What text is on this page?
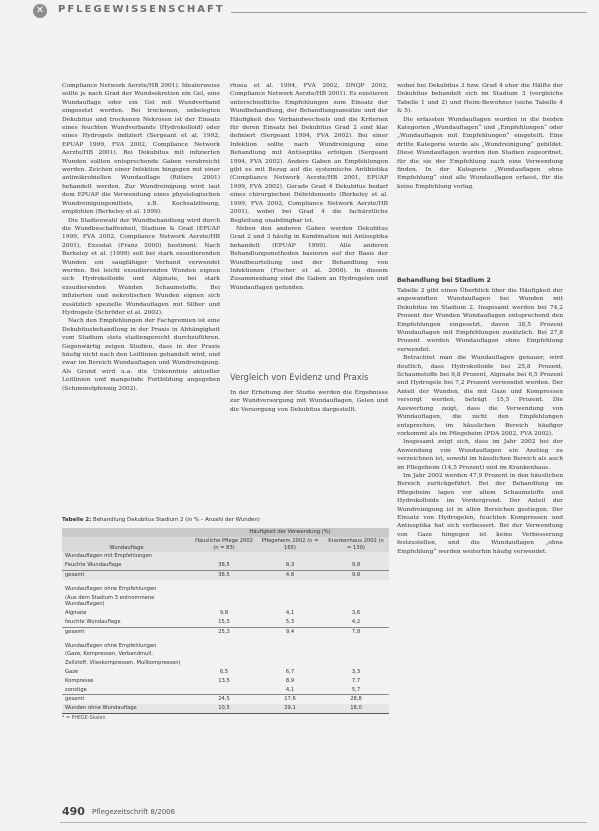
✕	PFLEGEWISSENSCHAFT

Compliance Network Aerzte/HB 2001). Idealerweise sollte je nach Grad der Wundsekretion ein Gel, eine Wundauflage oder ein Gel mit Wundverband eingesetzt werden. Bei trockenen, unbelegten Dekubitus und trockenen Nekrosen ist der Einsatz eines feuchten Wundverbands (Hydrokolloid) oder eines Hydrogels indiziert (Sergeant et al. 1992, EPUAP 1999, FVA 2002, Compliance Network Aerzte/HB 2001). Bei Dekubitus mit infizierten Wunden sollten entsprechende Gaben verabreicht werden. Zeichen einer Infektion hingegen mit einer antimikrobiellen Wundauflage (Ritters 2001) behandelt werden. Zur Wundreinigung wird laut dem EPUAP die Verwendung eines physiologischen Wundreinigungsmittels, z.B. Kochsalzlösung, empfohlen (Berkeley et al. 1999).

Die Stadienwahl der Wundbehandlung wird durch die Wundbeschaffenheit, Stadium & Grad (EPUAP 1999, FVA 2002, Compliance Network Aerzte/HB 2001), Exsudat (Franz 2000) bestimmt. Nach Berkeley et al. (1999) soll bei stark exsudierenden Wunden ein saugfähiger Verband verwendet werden. Bei leicht exsudierenden Wunden eignen sich Hydrokolloide und Alginate, bei stark exsudierenden Wunden Schaumstoffe. Bei infizierten und nekrotischen Wunden eignen sich zusätzlich spezielle Wundauflagen mit Silber und Hydrogele (Schröder et al. 2002).

Nach den Empfehlungen der Fachgremien ist eine Dekubitusbehandlung in der Praxis in Abhängigkeit vom Stadium stets stadiengerecht durchzuführen. Gegenwärtig zeigen Studien, dass in der Praxis häufig nicht nach den Leitlinien gehandelt wird, und zwar im Bereich Wundauflagen und Wundreinigung. Als Grund wird u.a. die Unkenntnis aktueller Leitlinien und mangelnde Fortbildung angegeben (Schimmelpfennig 2002).

rhoea et al. 1994, FVA 2002, DNQP 2002, Compliance Network Aerzte/HB 2001). Es existieren unterschiedliche Empfehlungen zum Einsatz der Wundbehandlung, der Behandlungsansätze und der Häufigkeit des Verbandwechsels und die Kriterien für deren Einsatz bei Dekubitus Grad 2 sind klar definiert (Sergeant 1994, FVA 2002). Bei einer Infektion sollte nach Wundreinigung eine Behandlung mit Antiseptika erfolgen (Sergeant 1994, FVA 2002). Andere Gaben an Empfehlungen gibt es mit Bezug auf die systemische Antibiotika (Compliance Network Aerzte/HB 2001, EPUAP 1999, FVA 2002). Gerade Grad 4 Dekubitus bedarf eines chirurgischen Débridements (Berkeley et al. 1999, FVA 2002, Compliance Network Aerzte/HB 2001), wobei bei Grad 4 die fachärztliche Begleitung unabdingbar ist.

Neben den anderen Gaben werden Dekubitus Grad 2 und 3 häufig in Kombination mit Antiseptika behandelt (EPUAP 1999). Alle anderen Behandlungsmethoden basieren auf der Basis der Wundbeurteilung und der Behandlung von Infektionen (Fischer et al. 2000). In diesem Zusammenhang sind die Gaben an Hydrogelen und Wundauflagen gefunden.

Vergleich von Evidenz und Praxis

In der Erhebung der Studie werden die Ergebnisse zur Wundversorgung mit Wundauflagen, Gelen und die Versorgung von Dekubitus dargestellt.

wobei bei Dekubitus 3 bzw. Grad 4 eher die Hälfte der Dekubitus behandelt sich im Stadium 3 (vergleiche Tabelle 1 und 2) und Heim-Bewohner (siehe Tabelle 4 & 5).

Die erfassten Wundauflagen wurden in die beiden Kategorien „Wundauflagen“ und „Empfehlungen“ oder „Wundauflagen mit Empfehlungen“ eingeteilt. Eine dritte Kategorie wurde als „Wundreinigung“ gebildet. Diese Wundauflagen wurden den Stadien zugeordnet, für die sie der Empfehlung nach eine Verwendung finden. In der Kategorie „Wundauflagen ohne Empfehlung“ sind alle Wundauflagen erfasst, für die keine Empfehlung vorlag.

Behandlung bei Stadium 2

Tabelle 2 gibt einen Überblick über die Häufigkeit der angewandten Wundauflagen bei Wunden mit Dekubitus im Stadium 2. Insgesamt werden bei 74,2 Prozent der Wunden Wundauflagen entsprechend den Empfehlungen eingesetzt, davon 38,5 Prozent Wundauflagen mit Empfehlungen zusätzlich. Bei 27,8 Prozent werden Wundauflagen ohne Empfehlung verwendet.

Betrachtet man die Wundauflagen genauer, wird deutlich, dass Hydrokolloide bei 25,8 Prozent, Schaumstoffe bei 9,8 Prozent, Alginate bei 6,5 Prozent und Hydrogele bei 7,2 Prozent verwendet werden. Der Anteil der Wunden, die mit Gaze und Kompressen versorgt werden, beträgt 15,5 Prozent. Die Auswertung zeigt, dass die Verwendung von Wundauflagen, die nicht den Empfehlungen entsprechen, im häuslichen Bereich häufiger vorkommt als im Pflegeheim (PDA 2002, FVA 2002).

Insgesamt zeigt sich, dass im Jahr 2002 bei der Anwendung von Wundauflagen ein Anstieg zu verzeichnen ist, sowohl im häuslichen Bereich als auch im Pflegeheim (14,5 Prozent) und im Krankenhaus.

Im Jahr 2002 werden 47,9 Prozent in den häuslichen Bereich zurückgeführt. Bei der Behandlung im Pflegeheim lagen vor allem Schaumstoffe und Hydrokolloide im Vordergrund. Der Anteil der Wundreinigung ist in allen Bereichen gestiegen. Der Einsatz von Hydrogelen, feuchten Kompressen und Antiseptika hat sich verbessert. Bei der Verwendung von Gaze hingegen ist keine Verbesserung festzustellen, und die Wundauflagen „ohne Empfehlung“ werden weiterhin häufig verwendet.

Tabelle 2: Behandlung Dekubitus Stadium 2 (in % – Anzahl der Wunden)
	Häufigkeit der Verwendung (%)		
Wundauflage	Häusliche Pflege 2002 (n = 83)	Pflegeheim 2002 (n = 165)	Krankenhaus 2002 (n = 130)
Wundauflagen mit Empfehlungen			
Feuchte Wundauflage	38,5	8,3	9,8
gesamt	38,5	4,8	9,8
Wundauflagen ohne Empfehlungen			
(Aus dem Stadium 3 entnommene Wundauflagen)			
Alginate	9,8	4,1	3,6
feuchte Wundauflage	15,5	5,3	4,2
gesamt	25,3	9,4	7,8
Wundauflagen ohne Empfehlungen			
(Gaze, Kompressen, Verbandmull,			
Zellstoff, Vlieskompressen, Mullkompressen)			
Gaze	6,5	6,7	3,3
Kompresse	13,5	8,9	7,7
sonstige		4,1	5,7
gesamt	24,5	17,6	28,8
Wunden ohne Wundauflage	10,5	29,1	18,0
* = PHEGE-Skalen
490 Pflegezeitschrift 8/2006
